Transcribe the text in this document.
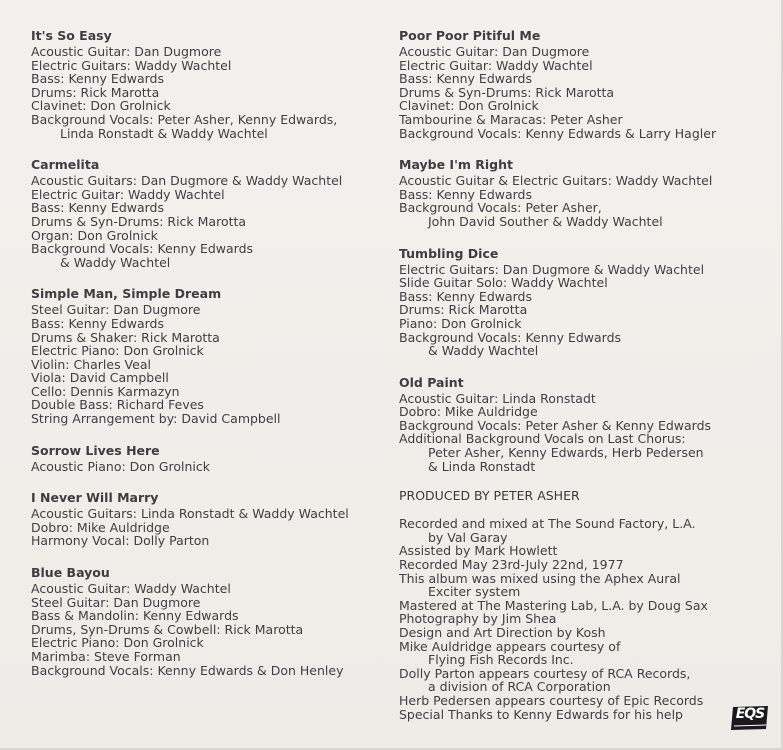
It's So Easy
Acoustic Guitar: Dan Dugmore
Electric Guitars: Waddy Wachtel
Bass: Kenny Edwards
Drums: Rick Marotta
Clavinet: Don Grolnick
Background Vocals: Peter Asher, Kenny Edwards,
Linda Ronstadt & Waddy Wachtel
Carmelita
Acoustic Guitars: Dan Dugmore & Waddy Wachtel
Electric Guitar: Waddy Wachtel
Bass: Kenny Edwards
Drums & Syn-Drums: Rick Marotta
Organ: Don Grolnick
Background Vocals: Kenny Edwards
& Waddy Wachtel
Simple Man, Simple Dream
Steel Guitar: Dan Dugmore
Bass: Kenny Edwards
Drums & Shaker: Rick Marotta
Electric Piano: Don Grolnick
Violin: Charles Veal
Viola: David Campbell
Cello: Dennis Karmazyn
Double Bass: Richard Feves
String Arrangement by: David Campbell
Sorrow Lives Here
Acoustic Piano: Don Grolnick
I Never Will Marry
Acoustic Guitars: Linda Ronstadt & Waddy Wachtel
Dobro: Mike Auldridge
Harmony Vocal: Dolly Parton
Blue Bayou
Acoustic Guitar: Waddy Wachtel
Steel Guitar: Dan Dugmore
Bass & Mandolin: Kenny Edwards
Drums, Syn-Drums & Cowbell: Rick Marotta
Electric Piano: Don Grolnick
Marimba: Steve Forman
Background Vocals: Kenny Edwards & Don Henley
Poor Poor Pitiful Me
Acoustic Guitar: Dan Dugmore
Electric Guitar: Waddy Wachtel
Bass: Kenny Edwards
Drums & Syn-Drums: Rick Marotta
Clavinet: Don Grolnick
Tambourine & Maracas: Peter Asher
Background Vocals: Kenny Edwards & Larry Hagler
Maybe I'm Right
Acoustic Guitar & Electric Guitars: Waddy Wachtel
Bass: Kenny Edwards
Background Vocals: Peter Asher,
John David Souther & Waddy Wachtel
Tumbling Dice
Electric Guitars: Dan Dugmore & Waddy Wachtel
Slide Guitar Solo: Waddy Wachtel
Bass: Kenny Edwards
Drums: Rick Marotta
Piano: Don Grolnick
Background Vocals: Kenny Edwards
& Waddy Wachtel
Old Paint
Acoustic Guitar: Linda Ronstadt
Dobro: Mike Auldridge
Background Vocals: Peter Asher & Kenny Edwards
Additional Background Vocals on Last Chorus:
Peter Asher, Kenny Edwards, Herb Pedersen
& Linda Ronstadt
PRODUCED BY PETER ASHER
Recorded and mixed at The Sound Factory, L.A.
by Val Garay
Assisted by Mark Howlett
Recorded May 23rd-July 22nd, 1977
This album was mixed using the Aphex Aural
Exciter system
Mastered at The Mastering Lab, L.A. by Doug Sax
Photography by Jim Shea
Design and Art Direction by Kosh
Mike Auldridge appears courtesy of
Flying Fish Records Inc.
Dolly Parton appears courtesy of RCA Records,
a division of RCA Corporation
Herb Pedersen appears courtesy of Epic Records
Special Thanks to Kenny Edwards for his help	EQS
